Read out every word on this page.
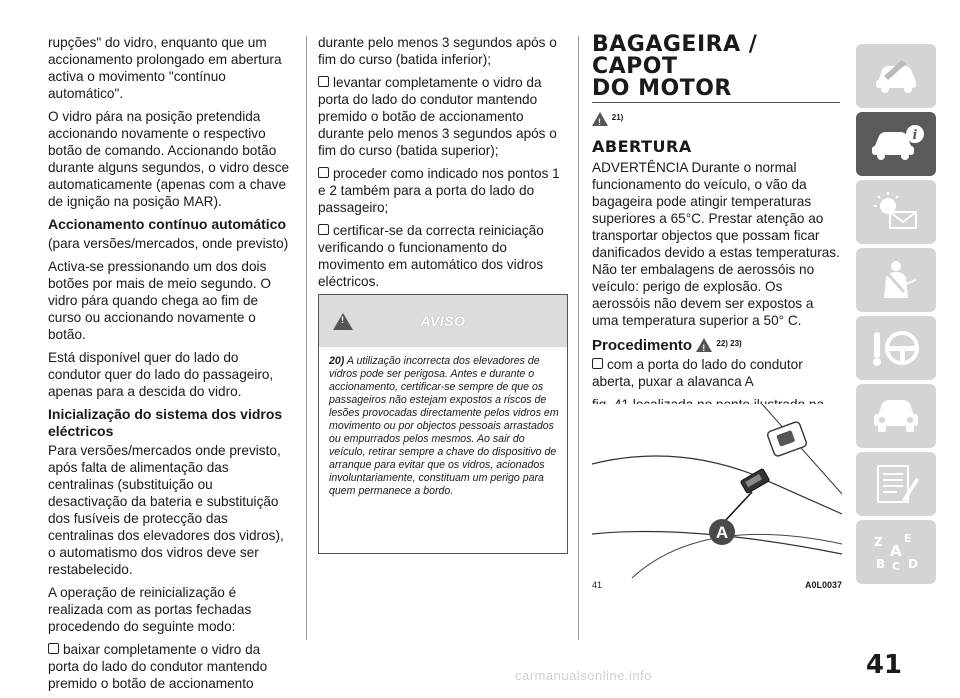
rupções" do vidro, enquanto que um accionamento prolongado em abertura activa o movimento "contínuo automático".

O vidro pára na posição pretendida accionando novamente o respectivo botão de comando. Accionando botão durante alguns segundos, o vidro desce automaticamente (apenas com a chave de ignição na posição MAR).

Accionamento contínuo automático

(para versões/mercados, onde previsto)

Activa-se pressionando um dos dois botões por mais de meio segundo. O vidro pára quando chega ao fim de curso ou accionando novamente o botão.

Está disponível quer do lado do condutor quer do lado do passageiro, apenas para a descida do vidro.

Inicialização do sistema dos vidros eléctricos

Para versões/mercados onde previsto, após falta de alimentação das centralinas (substituição ou desactivação da bateria e substituição dos fusíveis de protecção das centralinas dos elevadores dos vidros), o automatismo dos vidros deve ser restabelecido.

A operação de reinicialização é realizada com as portas fechadas procedendo do seguinte modo:

baixar completamente o vidro da porta do lado do condutor mantendo premido o botão de accionamento

durante pelo menos 3 segundos após o fim do curso (batida inferior);

levantar completamente o vidro da porta do lado do condutor mantendo premido o botão de accionamento durante pelo menos 3 segundos após o fim do curso (batida superior);

proceder como indicado nos pontos 1 e 2 também para a porta do lado do passageiro;

certificar-se da correcta reiniciação verificando o funcionamento do movimento em automático dos vidros eléctricos.

!
AVISO
20) A utilização incorrecta dos elevadores de vidros pode ser perigosa. Antes e durante o accionamento, certificar-se sempre de que os passageiros não estejam expostos a riscos de lesões provocadas directamente pelos vidros em movimento ou por objectos pessoais arrastados ou empurrados pelos mesmos. Ao sair do veículo, retirar sempre a chave do dispositivo de arranque para evitar que os vidros, acionados involuntariamente, constituam um perigo para quem permanece a bordo.
BAGAGEIRA / CAPOT
DO MOTOR
! $^{21)}$
ABERTURA

ADVERTÊNCIA Durante o normal funcionamento do veículo, o vão da bagageira pode atingir temperaturas superiores a 65°C. Prestar atenção ao transportar objectos que possam ficar danificados devido a estas temperaturas. Não ter embalagens de aerossóis no veículo: perigo de explosão. Os aerossóis não devem ser expostos a uma temperatura superior a 50° C.

Procedimento !	$^{22) 23)}$

com a porta do lado do condutor aberta, puxar a alavanca A

A
41	A0L0037
i
Z E
A
B C D
41
carmanualsonline.info
